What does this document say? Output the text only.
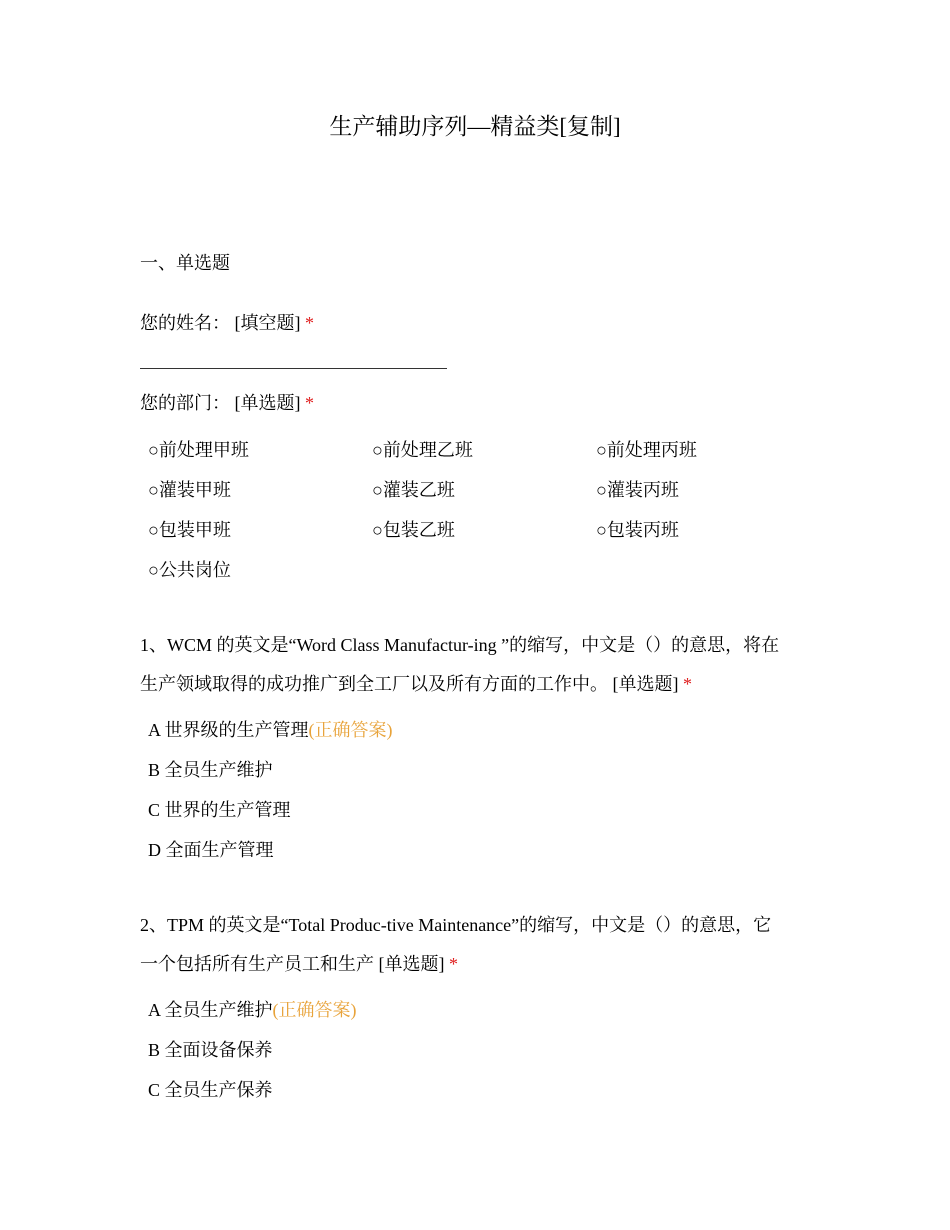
生产辅助序列—精益类[复制]
一、单选题
您的姓名： [填空题] *
您的部门： [单选题] *
○前处理甲班	○前处理乙班	○前处理丙班
○灌装甲班	○灌装乙班	○灌装丙班
○包装甲班	○包装乙班	○包装丙班
○公共岗位
1、WCM 的英文是“Word Class Manufactur-ing ”的缩写，中文是（）的意思，将在
生产领域取得的成功推广到全工厂以及所有方面的工作中。 [单选题] *
A 世界级的生产管理(正确答案)
B 全员生产维护
C 世界的生产管理
D 全面生产管理
2、TPM 的英文是“Total Produc-tive Maintenance”的缩写，中文是（）的意思，它
一个包括所有生产员工和生产 [单选题] *
A 全员生产维护(正确答案)
B 全面设备保养
C 全员生产保养
